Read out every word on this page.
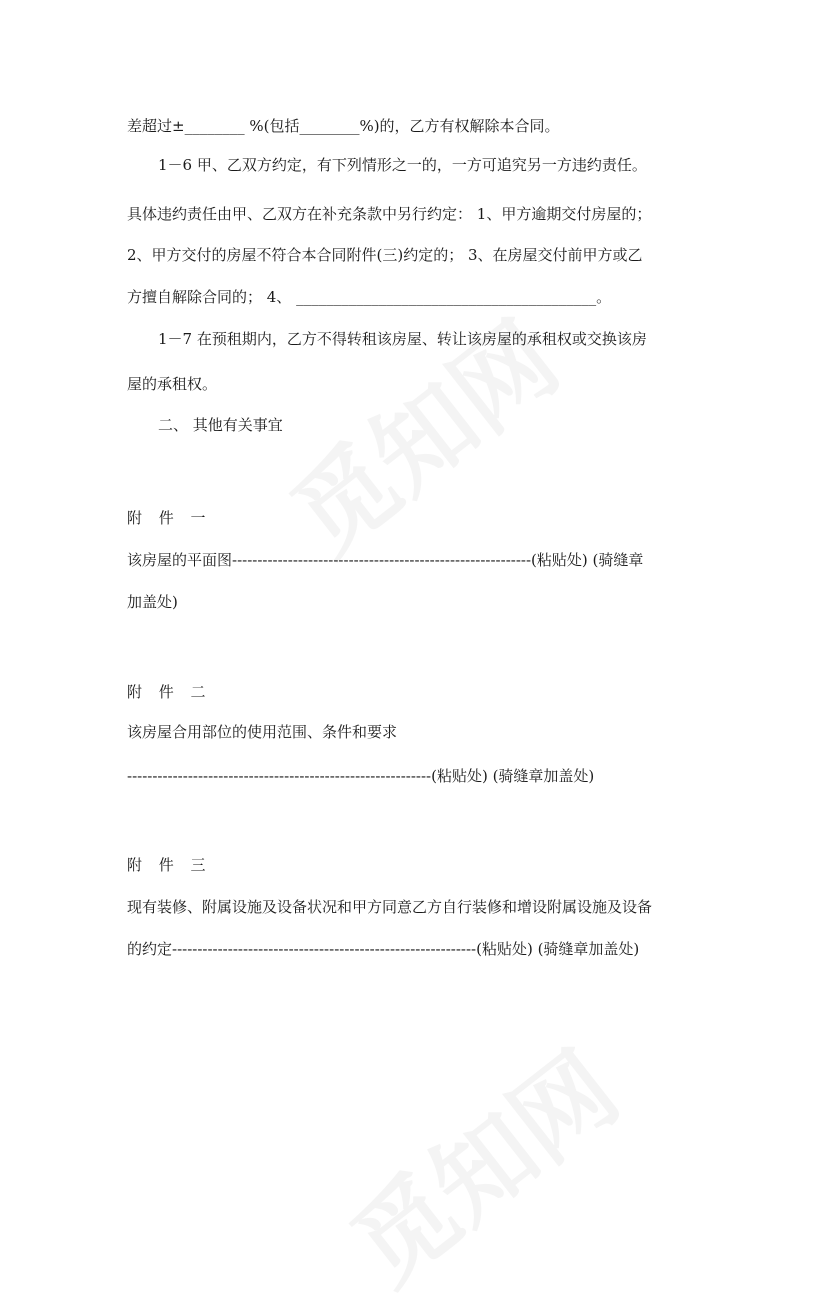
差超过±________ %(包括________%)的，乙方有权解除本合同。
1－6 甲、乙双方约定，有下列情形之一的，一方可追究另一方违约责任。
具体违约责任由甲、乙双方在补充条款中另行约定： 1、甲方逾期交付房屋的；
2、甲方交付的房屋不符合本合同附件(三)约定的； 3、在房屋交付前甲方或乙
方擅自解除合同的； 4、 ________________________________________。
1－7 在预租期内，乙方不得转租该房屋、转让该房屋的承租权或交换该房
屋的承租权。
二、 其他有关事宜
附 件 一
该房屋的平面图-----------------------------------------------------------(粘贴处) (骑缝章
加盖处)
附 件 二
该房屋合用部位的使用范围、条件和要求
------------------------------------------------------------(粘贴处) (骑缝章加盖处)
附 件 三
现有装修、附属设施及设备状况和甲方同意乙方自行装修和增设附属设施及设备
的约定------------------------------------------------------------(粘贴处) (骑缝章加盖处)
